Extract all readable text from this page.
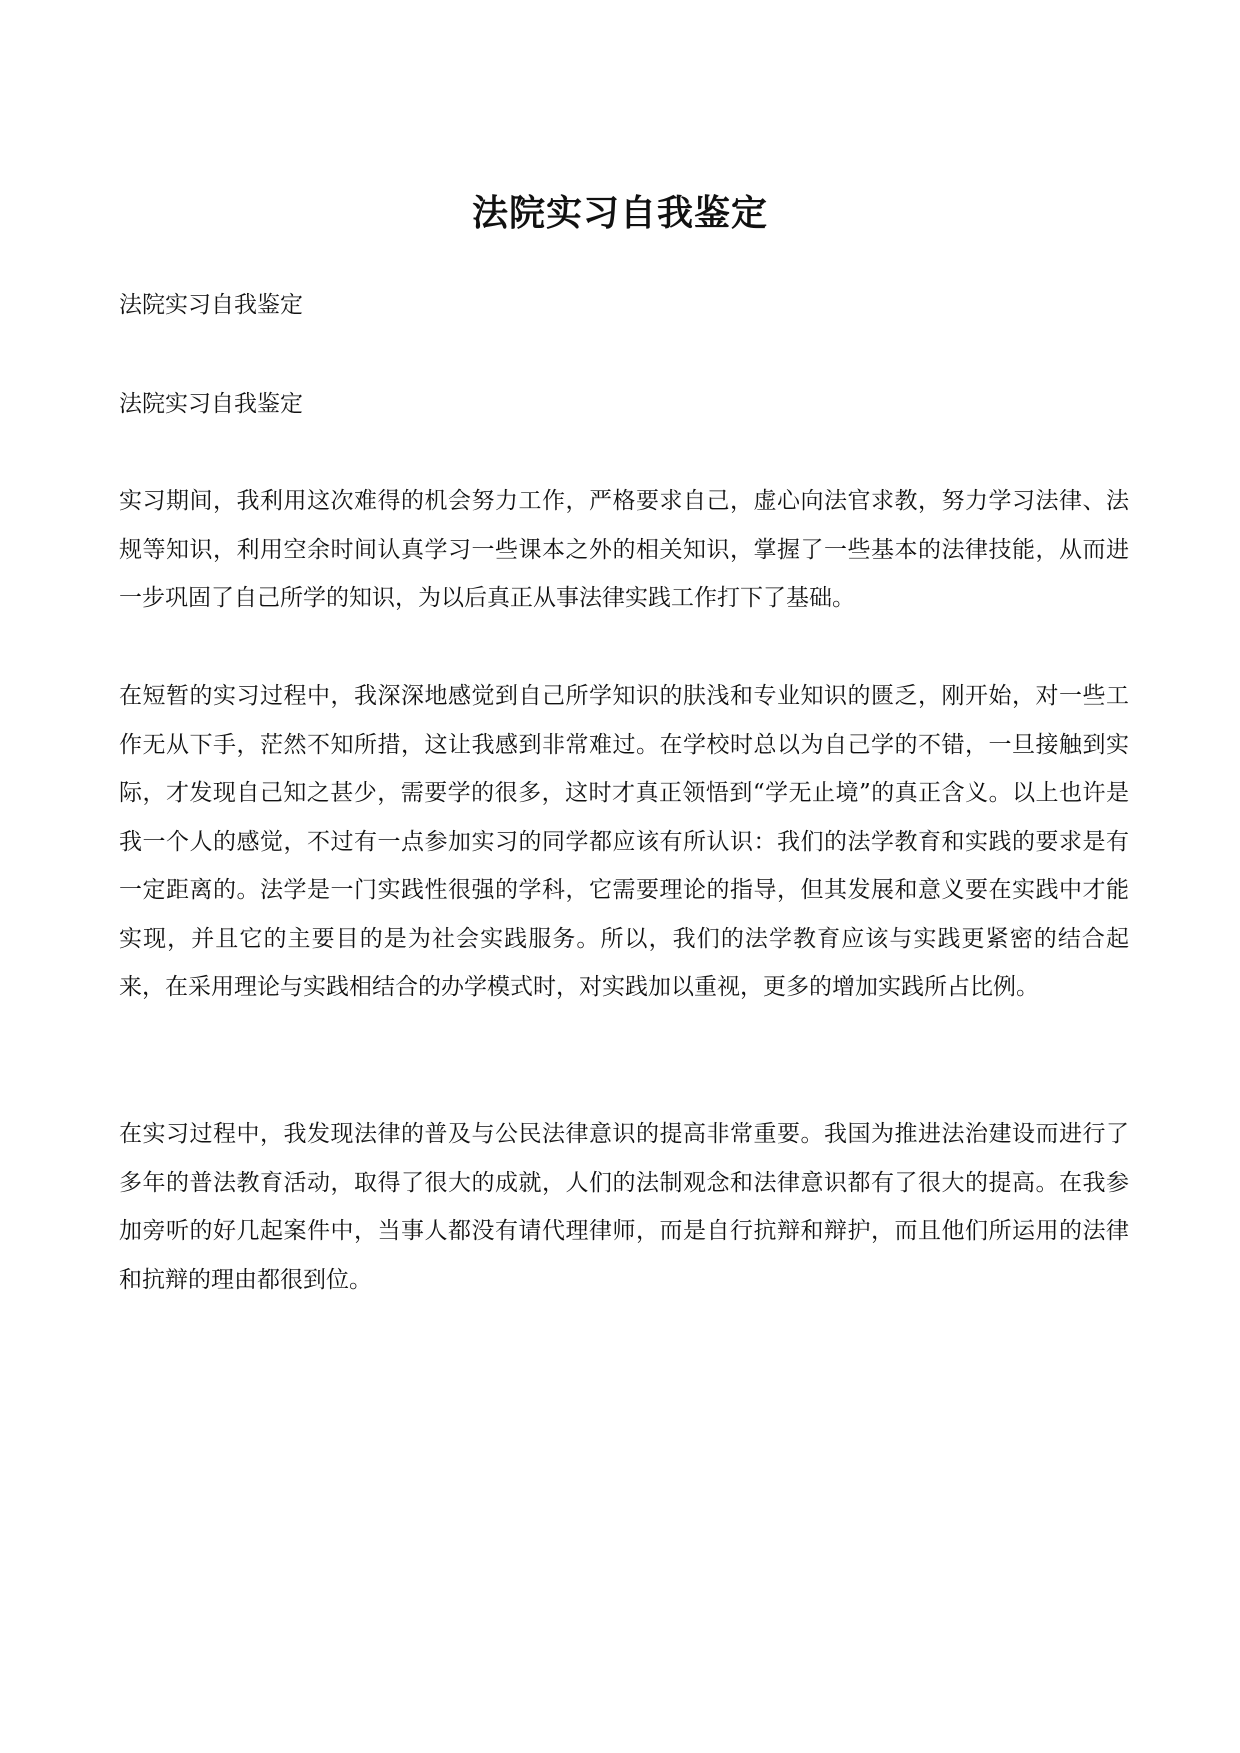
法院实习自我鉴定

法院实习自我鉴定

法院实习自我鉴定

实习期间，我利用这次难得的机会努力工作，严格要求自己，虚心向法官求教，努力学习法律、法规等知识，利用空余时间认真学习一些课本之外的相关知识，掌握了一些基本的法律技能，从而进一步巩固了自己所学的知识，为以后真正从事法律实践工作打下了基础。

在短暂的实习过程中，我深深地感觉到自己所学知识的肤浅和专业知识的匮乏，刚开始，对一些工作无从下手，茫然不知所措，这让我感到非常难过。在学校时总以为自己学的不错，一旦接触到实际，才发现自己知之甚少，需要学的很多，这时才真正领悟到“学无止境”的真正含义。以上也许是我一个人的感觉，不过有一点参加实习的同学都应该有所认识：我们的法学教育和实践的要求是有一定距离的。法学是一门实践性很强的学科，它需要理论的指导，但其发展和意义要在实践中才能实现，并且它的主要目的是为社会实践服务。所以，我们的法学教育应该与实践更紧密的结合起来，在采用理论与实践相结合的办学模式时，对实践加以重视，更多的增加实践所占比例。

在实习过程中，我发现法律的普及与公民法律意识的提高非常重要。我国为推进法治建设而进行了多年的普法教育活动，取得了很大的成就，人们的法制观念和法律意识都有了很大的提高。在我参加旁听的好几起案件中，当事人都没有请代理律师，而是自行抗辩和辩护，而且他们所运用的法律和抗辩的理由都很到位。
